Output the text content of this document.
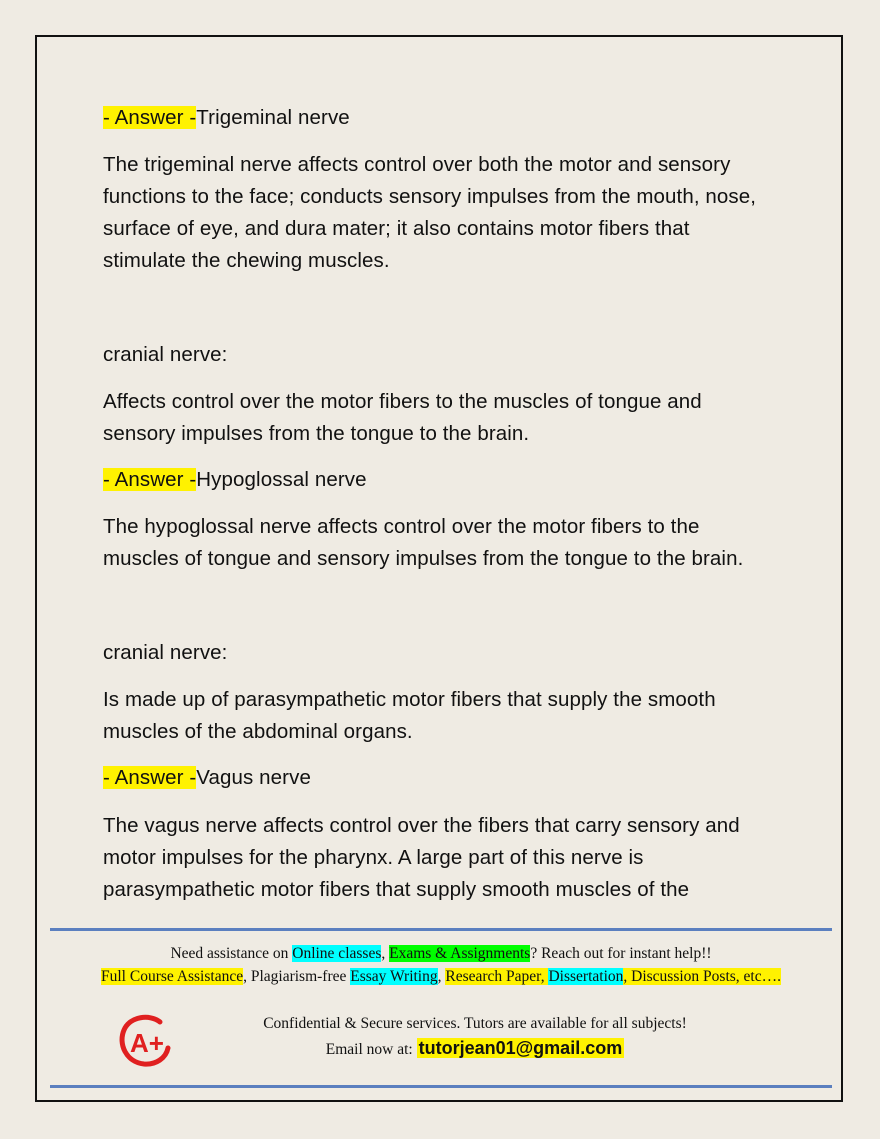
- Answer -Trigeminal nerve

The trigeminal nerve affects control over both the motor and sensory
functions to the face; conducts sensory impulses from the mouth, nose,
surface of eye, and dura mater; it also contains motor fibers that
stimulate the chewing muscles.

cranial nerve:

Affects control over the motor fibers to the muscles of tongue and
sensory impulses from the tongue to the brain.

- Answer -Hypoglossal nerve

The hypoglossal nerve affects control over the motor fibers to the
muscles of tongue and sensory impulses from the tongue to the brain.

cranial nerve:

Is made up of parasympathetic motor fibers that supply the smooth
muscles of the abdominal organs.

- Answer -Vagus nerve

The vagus nerve affects control over the fibers that carry sensory and
motor impulses for the pharynx. A large part of this nerve is
parasympathetic motor fibers that supply smooth muscles of the

Need assistance on Online classes, Exams & Assignments? Reach out for instant help!!
Full Course Assistance, Plagiarism-free Essay Writing, Research Paper, Dissertation, Discussion Posts, etc….
A+
Confidential & Secure services. Tutors are available for all subjects!
Email now at: tutorjean01@gmail.com
